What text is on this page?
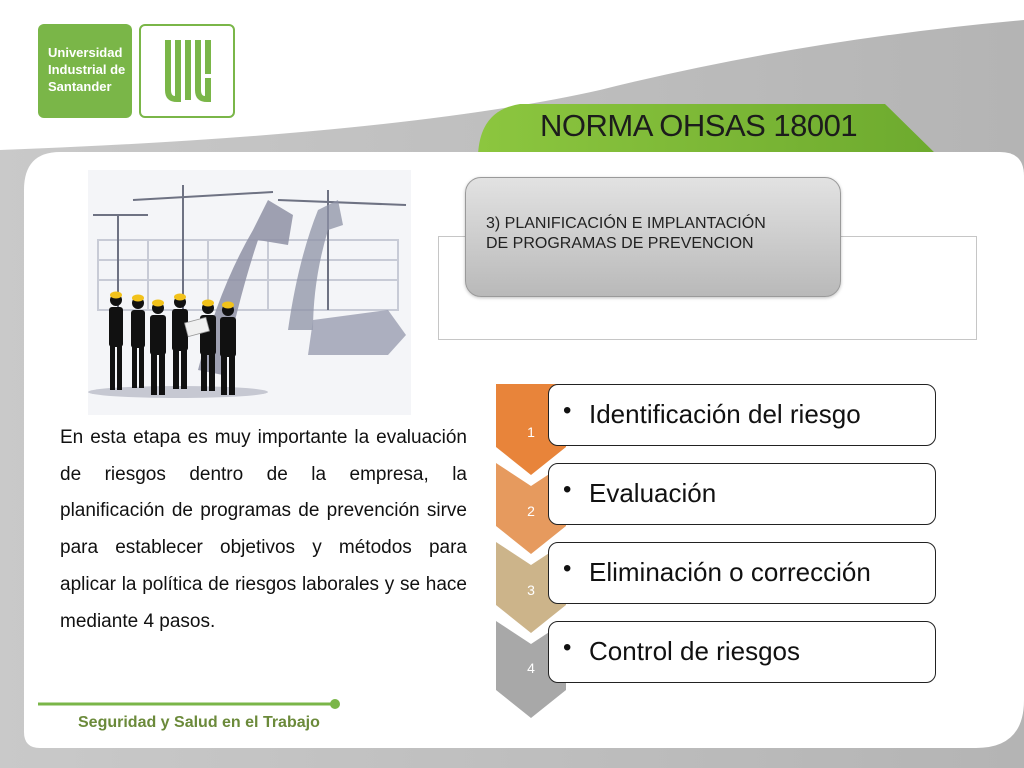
Universidad
Industrial de
Santander
NORMA OHSAS 18001
3) PLANIFICACIÓN E IMPLANTACIÓN
DE PROGRAMAS DE PREVENCION
En esta etapa es muy importante la evaluación de riesgos dentro de la empresa, la planificación de programas de prevención sirve para establecer objetivos y métodos para aplicar la política de riesgos laborales y se hace mediante 4 pasos.
1
2
3
4
• Identificación del riesgo
• Evaluación
• Eliminación o corrección
• Control de riesgos
Seguridad y Salud en el Trabajo
